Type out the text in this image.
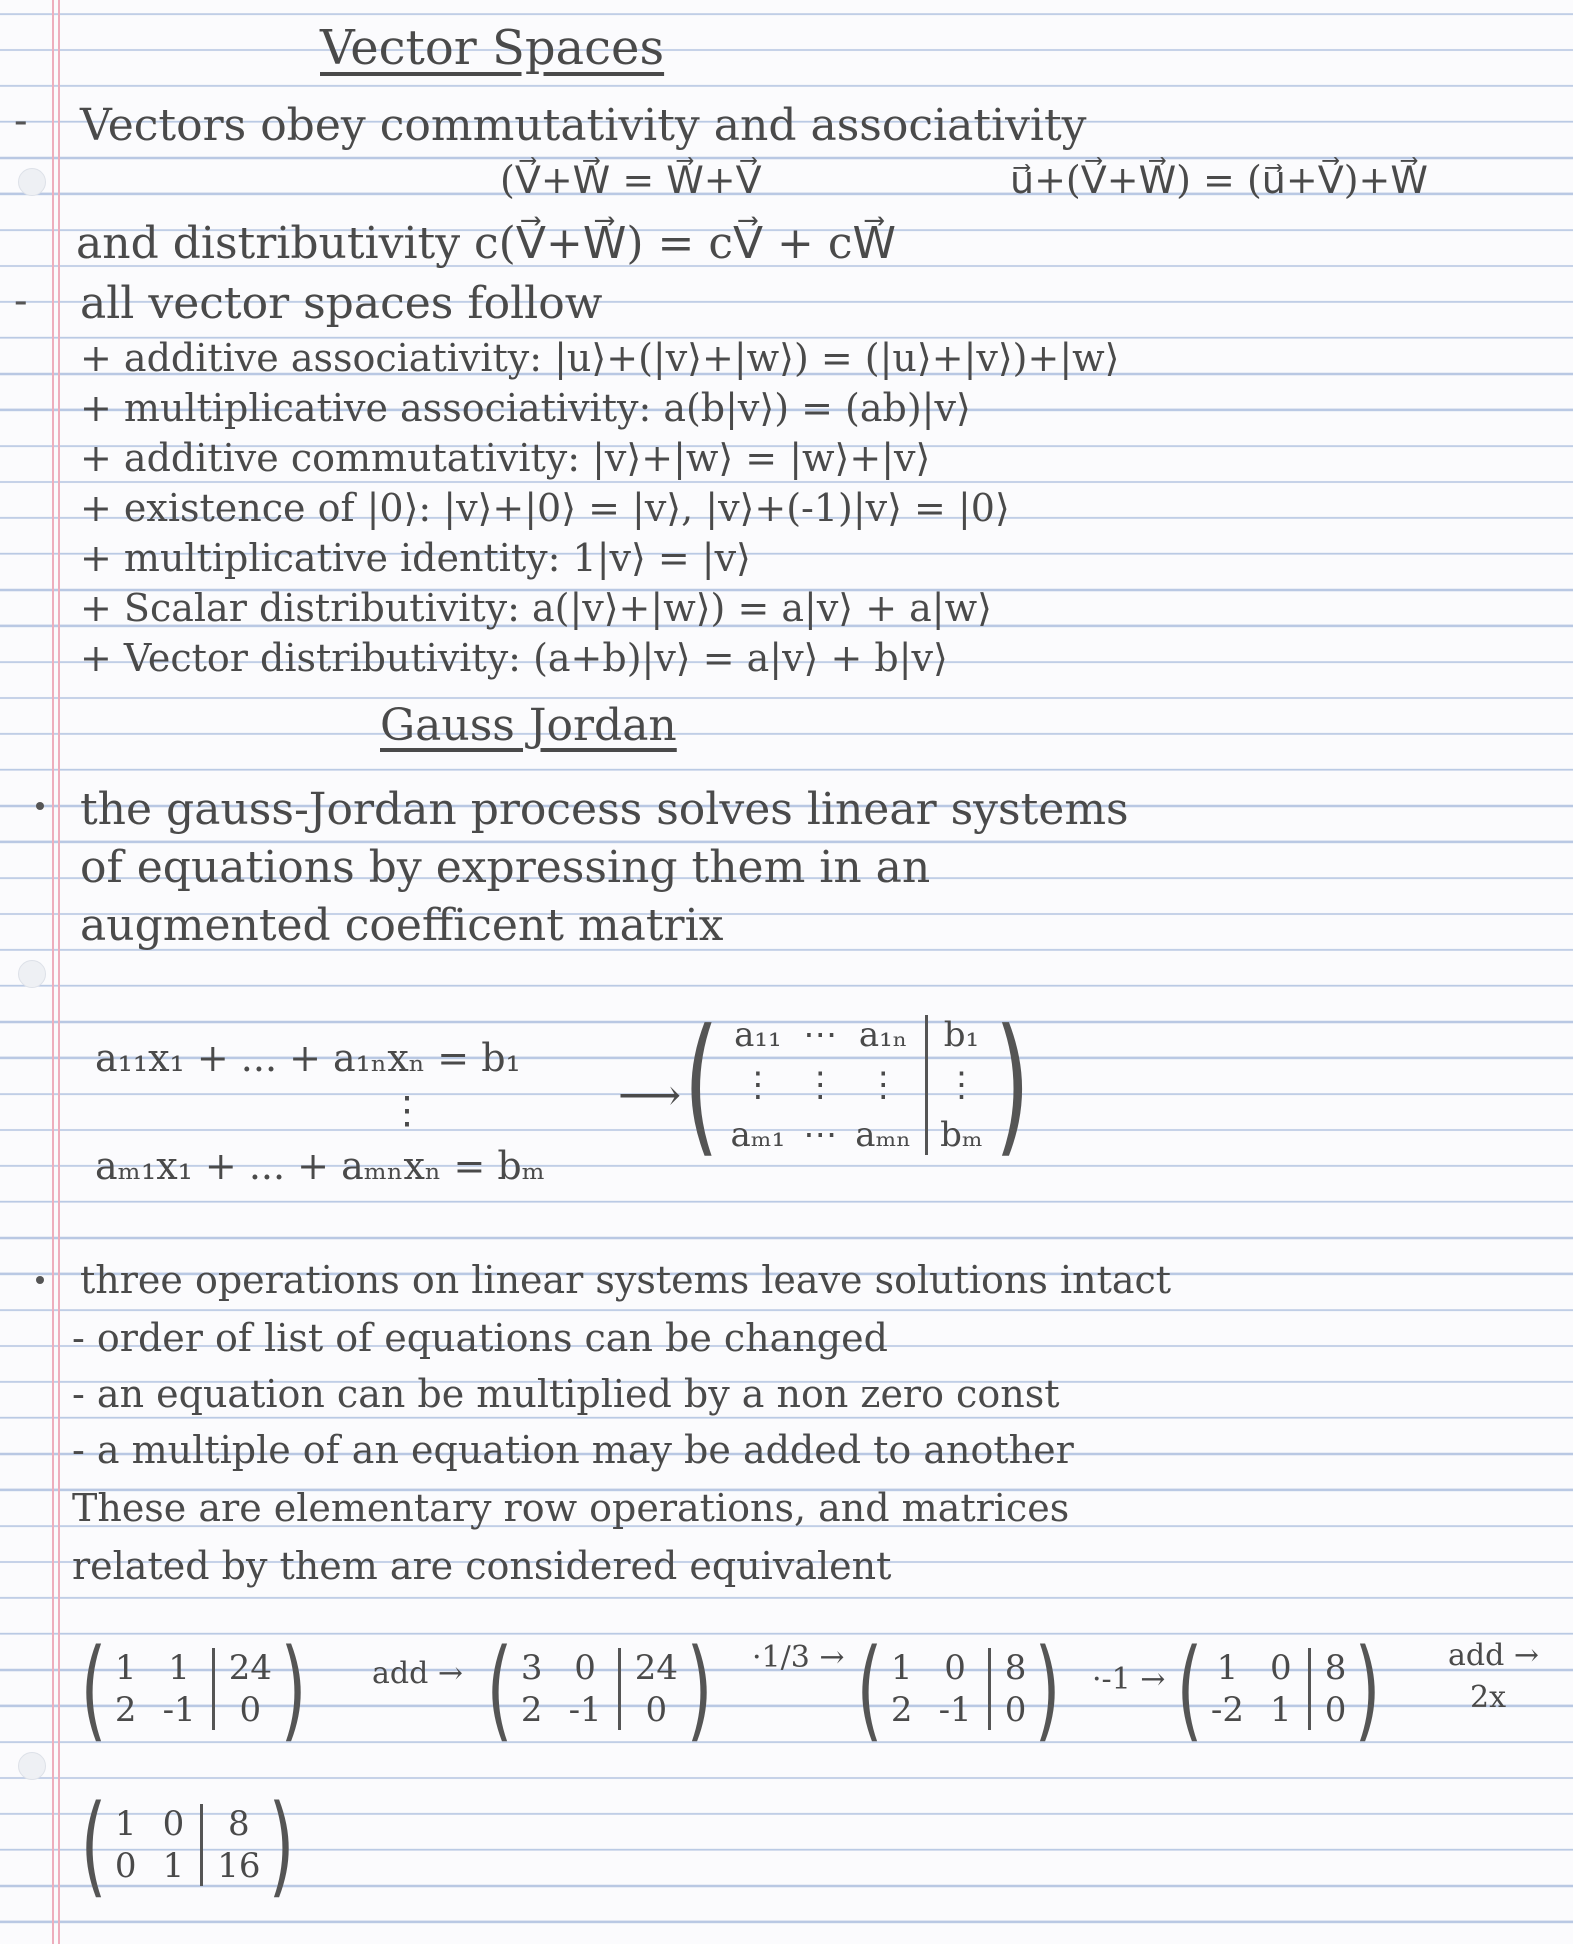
Vector Spaces
- Vectors obey commutativity and associativity
(V⃗+W⃗ = W⃗+V⃗	u⃗+(V⃗+W⃗) = (u⃗+V⃗)+W⃗
and distributivity c(V⃗+W⃗) = cV⃗ + cW⃗
- all vector spaces follow
+ additive associativity: |u⟩+(|v⟩+|w⟩) = (|u⟩+|v⟩)+|w⟩
+ multiplicative associativity: a(b|v⟩) = (ab)|v⟩
+ additive commutativity: |v⟩+|w⟩ = |w⟩+|v⟩
+ existence of |0⟩: |v⟩+|0⟩ = |v⟩, |v⟩+(-1)|v⟩ = |0⟩
+ multiplicative identity: 1|v⟩ = |v⟩
+ Scalar distributivity: a(|v⟩+|w⟩) = a|v⟩ + a|w⟩
+ Vector distributivity: (a+b)|v⟩ = a|v⟩ + b|v⟩
Gauss Jordan
the gauss-Jordan process solves linear systems
of equations by expressing them in an
augmented coefficent matrix
a₁₁x₁ + ... + a₁ₙxₙ = b₁
⋮
aₘ₁x₁ + ... + aₘₙxₙ = bₘ
⟶ ( a₁₁ ⋯ a₁ₙ
⋮ ⋮ ⋮
aₘ₁ ⋯ aₘₙ
b₁
⋮
bₘ )
three operations on linear systems leave solutions intact
- order of list of equations can be changed
- an equation can be multiplied by a non zero const
- a multiple of an equation may be added to another
These are elementary row operations, and matrices
related by them are considered equivalent
( 1 1
2 -1
24
0 ) add → ( 3 0
2 -1
24
0 ) ·1/3 → ( 1 0
2 -1
8
0 ) ·-1 → ( 1 0
-2 1
8
0 ) add →
2x
( 1 0
0 1
8
16 )
